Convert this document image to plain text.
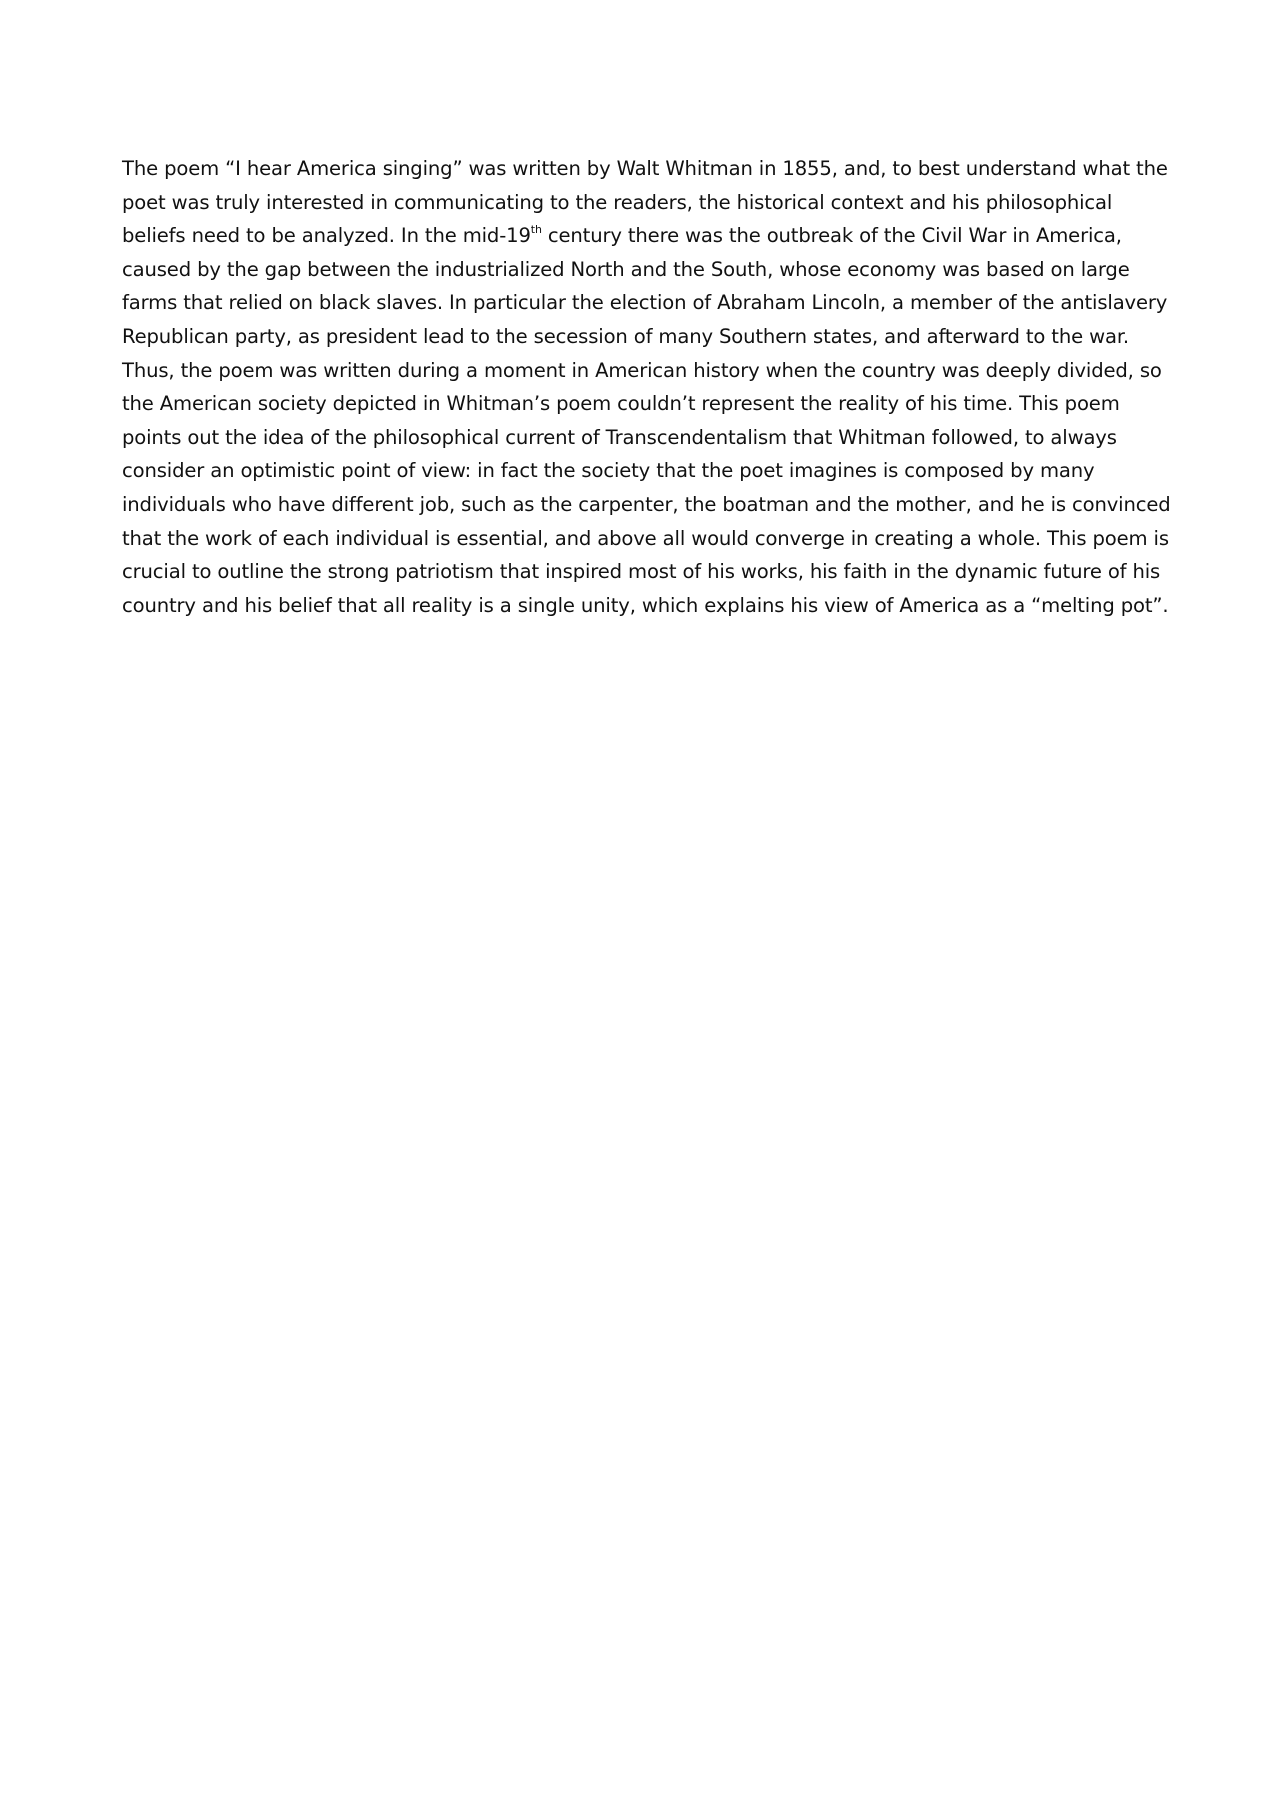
The poem “I hear America singing” was written by Walt Whitman in 1855, and, to best understand what the
poet was truly interested in communicating to the readers, the historical context and his philosophical
beliefs need to be analyzed. In the mid-19th century there was the outbreak of the Civil War in America,
caused by the gap between the industrialized North and the South, whose economy was based on large
farms that relied on black slaves. In particular the election of Abraham Lincoln, a member of the antislavery
Republican party, as president lead to the secession of many Southern states, and afterward to the war.
Thus, the poem was written during a moment in American history when the country was deeply divided, so
the American society depicted in Whitman’s poem couldn’t represent the reality of his time. This poem
points out the idea of the philosophical current of Transcendentalism that Whitman followed, to always
consider an optimistic point of view: in fact the society that the poet imagines is composed by many
individuals who have different job, such as the carpenter, the boatman and the mother, and he is convinced
that the work of each individual is essential, and above all would converge in creating a whole. This poem is
crucial to outline the strong patriotism that inspired most of his works, his faith in the dynamic future of his
country and his belief that all reality is a single unity, which explains his view of America as a “melting pot”.
